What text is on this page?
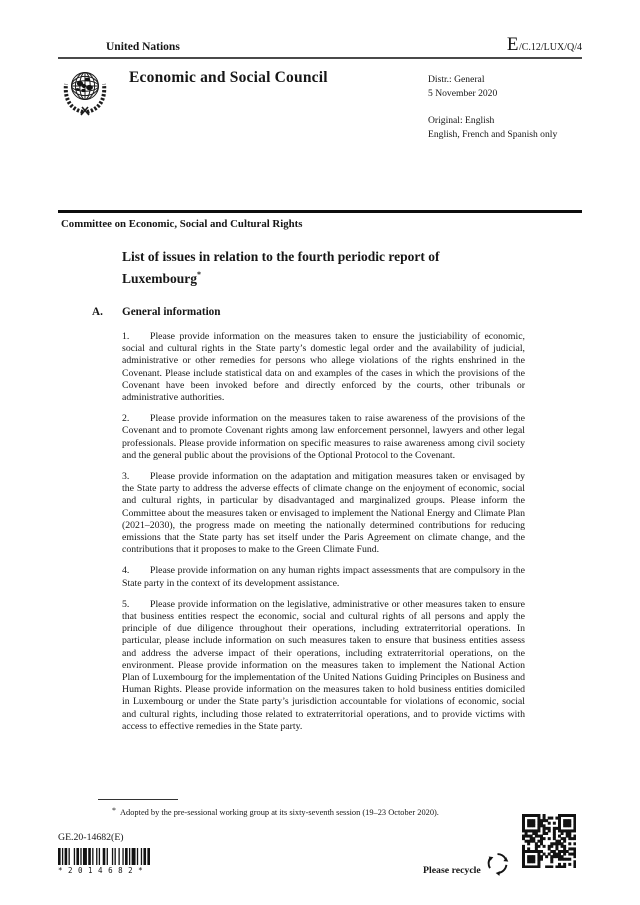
United Nations	E /C.12/LUX/Q/4
Economic and Social Council	Distr.: General
5 November 2020
Original: English
English, French and Spanish only
Committee on Economic, Social and Cultural Rights
List of issues in relation to the fourth periodic report of
Luxembourg*
A. General information

1. Please provide information on the measures taken to ensure the justiciability of economic, social and cultural rights in the State party’s domestic legal order and the availability of judicial, administrative or other remedies for persons who allege violations of the rights enshrined in the Covenant. Please include statistical data on and examples of the cases in which the provisions of the Covenant have been invoked before and directly enforced by the courts, other tribunals or administrative authorities.

2. Please provide information on the measures taken to raise awareness of the provisions of the Covenant and to promote Covenant rights among law enforcement personnel, lawyers and other legal professionals. Please provide information on specific measures to raise awareness among civil society and the general public about the provisions of the Optional Protocol to the Covenant.

3. Please provide information on the adaptation and mitigation measures taken or envisaged by the State party to address the adverse effects of climate change on the enjoyment of economic, social and cultural rights, in particular by disadvantaged and marginalized groups. Please inform the Committee about the measures taken or envisaged to implement the National Energy and Climate Plan (2021–2030), the progress made on meeting the nationally determined contributions for reducing emissions that the State party has set itself under the Paris Agreement on climate change, and the contributions that it proposes to make to the Green Climate Fund.

4. Please provide information on any human rights impact assessments that are compulsory in the State party in the context of its development assistance.

5. Please provide information on the legislative, administrative or other measures taken to ensure that business entities respect the economic, social and cultural rights of all persons and apply the principle of due diligence throughout their operations, including extraterritorial operations. In particular, please include information on such measures taken to ensure that business entities assess and address the adverse impact of their operations, including extraterritorial operations, on the environment. Please provide information on the measures taken to implement the National Action Plan of Luxembourg for the implementation of the United Nations Guiding Principles on Business and Human Rights. Please provide information on the measures taken to hold business entities domiciled in Luxembourg or under the State party’s jurisdiction accountable for violations of economic, social and cultural rights, including those related to extraterritorial operations, and to provide victims with access to effective remedies in the State party.

* Adopted by the pre-sessional working group at its sixty-seventh session (19–23 October 2020).
GE.20-14682(E)
*2014682*	Please recycle
